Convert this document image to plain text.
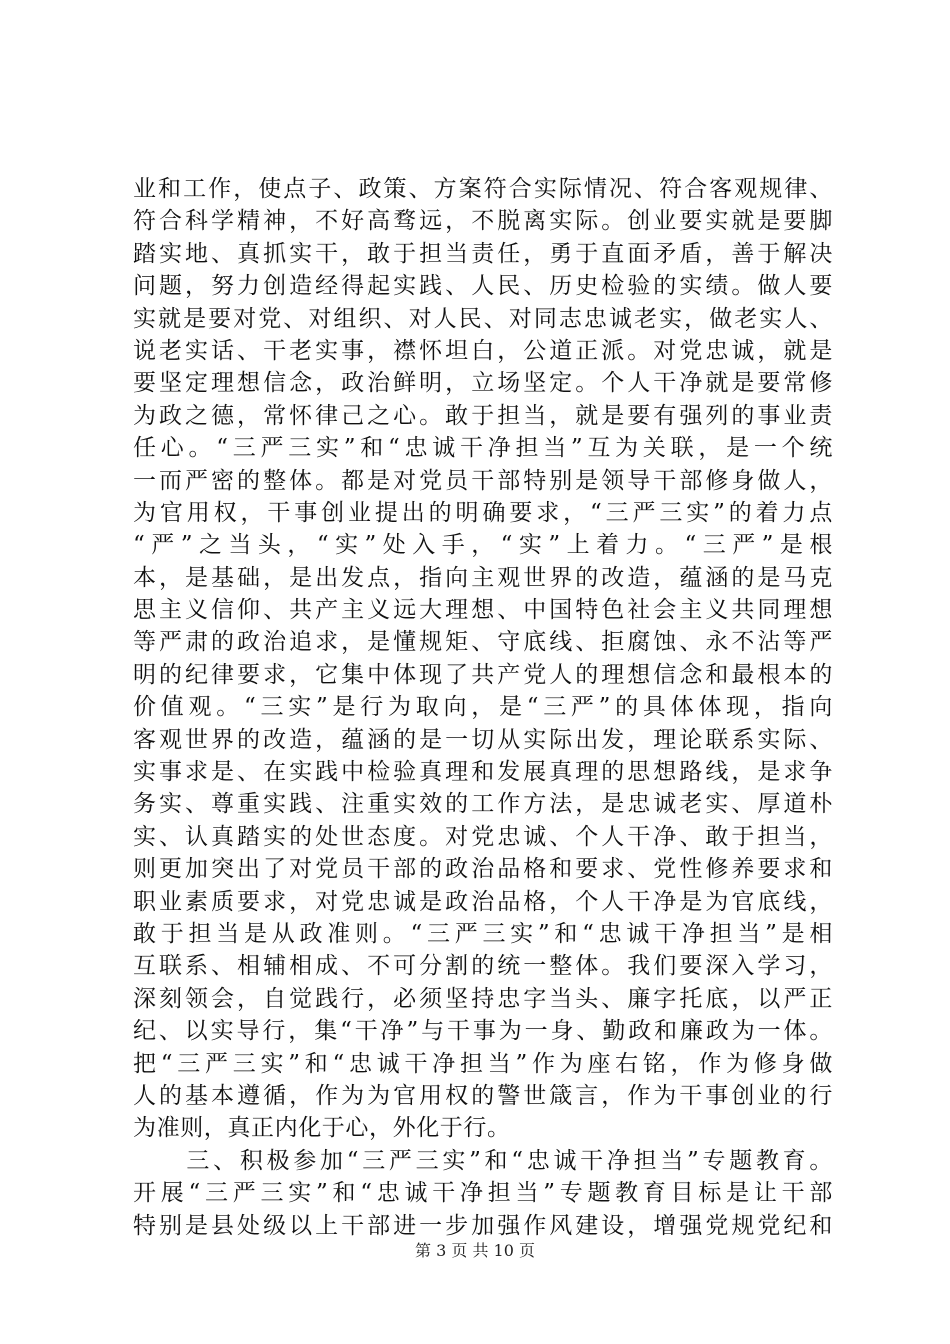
业和工作，使点子、政策、方案符合实际情况、符合客观规律、
符合科学精神，不好高骛远，不脱离实际。创业要实就是要脚
踏实地、真抓实干，敢于担当责任，勇于直面矛盾，善于解决
问题，努力创造经得起实践、人民、历史检验的实绩。做人要
实就是要对党、对组织、对人民、对同志忠诚老实，做老实人、
说老实话、干老实事，襟怀坦白，公道正派。对党忠诚，就是
要坚定理想信念，政治鲜明，立场坚定。个人干净就是要常修
为政之德，常怀律己之心。敢于担当，就是要有强列的事业责
任心。“三严三实”和“忠诚干净担当”互为关联，是一个统
一而严密的整体。都是对党员干部特别是领导干部修身做人，
为官用权，干事创业提出的明确要求，“三严三实”的着力点
“严”之当头，“实”处入手，“实”上着力。“三严”是根
本，是基础，是出发点，指向主观世界的改造，蕴涵的是马克
思主义信仰、共产主义远大理想、中国特色社会主义共同理想
等严肃的政治追求，是懂规矩、守底线、拒腐蚀、永不沾等严
明的纪律要求，它集中体现了共产党人的理想信念和最根本的
价值观。“三实”是行为取向，是“三严”的具体体现，指向
客观世界的改造，蕴涵的是一切从实际出发，理论联系实际、
实事求是、在实践中检验真理和发展真理的思想路线，是求争
务实、尊重实践、注重实效的工作方法，是忠诚老实、厚道朴
实、认真踏实的处世态度。对党忠诚、个人干净、敢于担当，
则更加突出了对党员干部的政治品格和要求、党性修养要求和
职业素质要求，对党忠诚是政治品格，个人干净是为官底线，
敢于担当是从政准则。“三严三实”和“忠诚干净担当”是相
互联系、相辅相成、不可分割的统一整体。我们要深入学习，
深刻领会，自觉践行，必须坚持忠字当头、廉字托底，以严正
纪、以实导行，集“干净”与干事为一身、勤政和廉政为一体。
把“三严三实”和“忠诚干净担当”作为座右铭，作为修身做
人的基本遵循，作为为官用权的警世箴言，作为干事创业的行
为准则，真正内化于心，外化于行。
　　三、积极参加“三严三实”和“忠诚干净担当”专题教育。
开展“三严三实”和“忠诚干净担当”专题教育目标是让干部
特别是县处级以上干部进一步加强作风建设，增强党规党纪和
第 3 页 共 10 页
